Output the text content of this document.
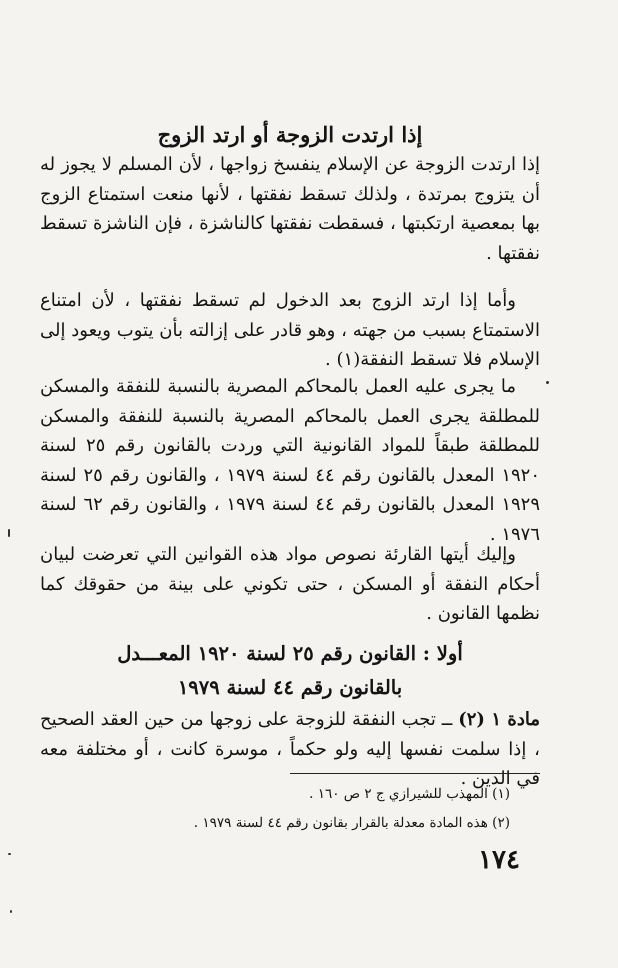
إذا ارتدت الزوجة أو ارتد الزوج

إذا ارتدت الزوجة عن الإسلام ينفسخ زواجها ، لأن المسلم لا يجوز له أن يتزوج بمرتدة ، ولذلك تسقط نفقتها ، لأنها منعت استمتاع الزوج بها بمعصية ارتكبتها ، فسقطت نفقتها كالناشزة ، فإن الناشزة تسقط نفقتها .

وأما إذا ارتد الزوج بعد الدخول لم تسقط نفقتها ، لأن امتناع الاستمتاع بسبب من جهته ، وهو قادر على إزالته بأن يتوب ويعود إلى الإسلام فلا تسقط النفقة(١) .

ما يجرى عليه العمل بالمحاكم المصرية بالنسبة للنفقة والمسكن للمطلقة يجرى العمل بالمحاكم المصرية بالنسبة للنفقة والمسكن للمطلقة طبقاً للمواد القانونية التي وردت بالقانون رقم ٢٥ لسنة ١٩٢٠ المعدل بالقانون رقم ٤٤ لسنة ١٩٧٩ ، والقانون رقم ٢٥ لسنة ١٩٢٩ المعدل بالقانون رقم ٤٤ لسنة ١٩٧٩ ، والقانون رقم ٦٢ لسنة ١٩٧٦ .

وإليك أيتها القارئة نصوص مواد هذه القوانين التي تعرضت لبيان أحكام النفقة أو المسكن ، حتى تكوني على بينة من حقوقك كما نظمها القانون .

أولا : القانون رقم ٢٥ لسنة ١٩٢٠ المعـــدل
بالقانون رقم ٤٤ لسنة ١٩٧٩

مادة ١ (٢) ــ تجب النفقة للزوجة على زوجها من حين العقد الصحيح ، إذا سلمت نفسها إليه ولو حكماً ، موسرة كانت ، أو مختلفة معه في الدين .

(١) المهذب للشيرازي ج ٢ ص ١٦٠ .
(٢) هذه المادة معدلة بالقرار بقانون رقم ٤٤ لسنة ١٩٧٩ .
١٧٤
